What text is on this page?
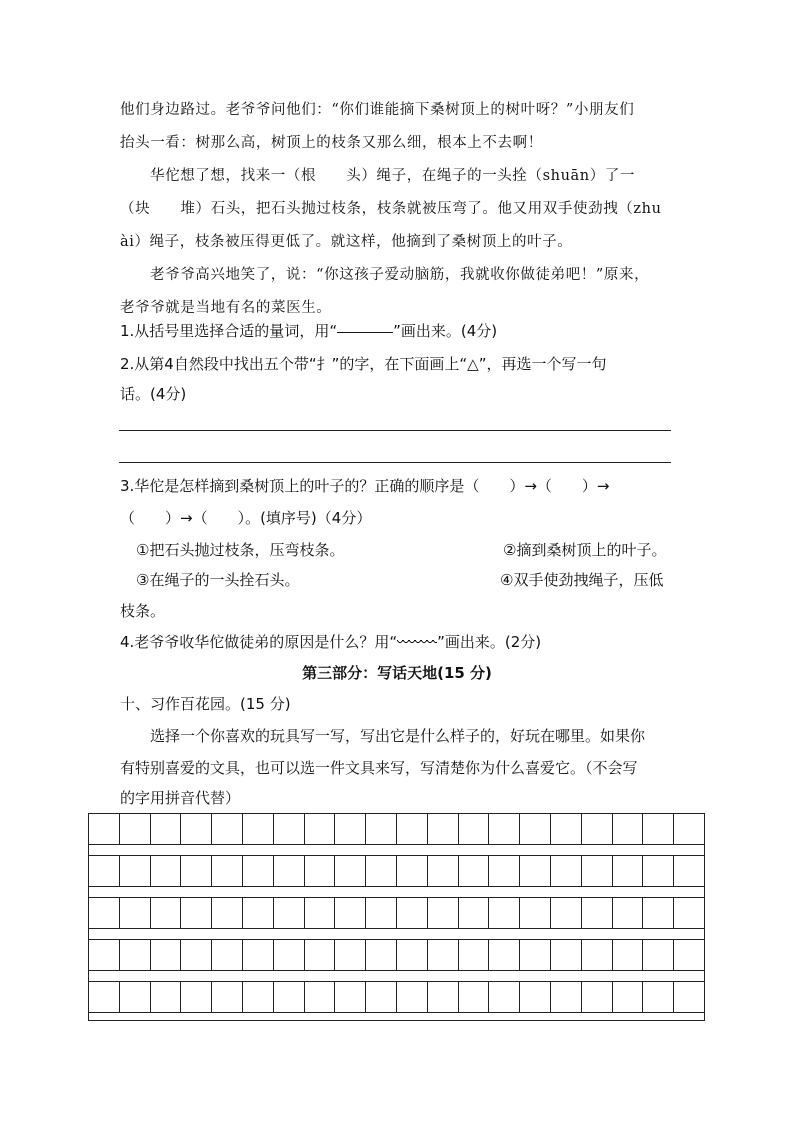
他们身边路过。老爷爷问他们：“你们谁能摘下桑树顶上的树叶呀？”小朋友们
抬头一看：树那么高，树顶上的枝条又那么细，根本上不去啊！
华佗想了想，找来一（根　　头）绳子，在绳子的一头拴（shuān）了一
（块　　堆）石头，把石头抛过枝条，枝条就被压弯了。他又用双手使劲拽（zhu
ài）绳子，枝条被压得更低了。就这样，他摘到了桑树顶上的叶子。
老爷爷高兴地笑了，说：“你这孩子爱动脑筋，我就收你做徒弟吧！”原来，
老爷爷就是当地有名的菜医生。
1.从括号里选择合适的量词，用“	”画出来。(4分)
2.从第4自然段中找出五个带“扌”的字，在下面画上“△”，再选一个写一句
话。(4分)
3.华佗是怎样摘到桑树顶上的叶子的？正确的顺序是（　　）→（　　）→
（　　）→（　　）。(填序号)（4分）
①把石头抛过枝条，压弯枝条。	②摘到桑树顶上的叶子。
③在绳子的一头拴石头。	④双手使劲拽绳子，压低
枝条。
4.老爷爷收华佗做徒弟的原因是什么？用“	”画出来。(2分)
第三部分：写话天地(15 分)
十、习作百花园。(15 分)
选择一个你喜欢的玩具写一写，写出它是什么样子的，好玩在哪里。如果你
有特别喜爱的文具，也可以选一件文具来写，写清楚你为什么喜爱它。（不会写
的字用拼音代替）
